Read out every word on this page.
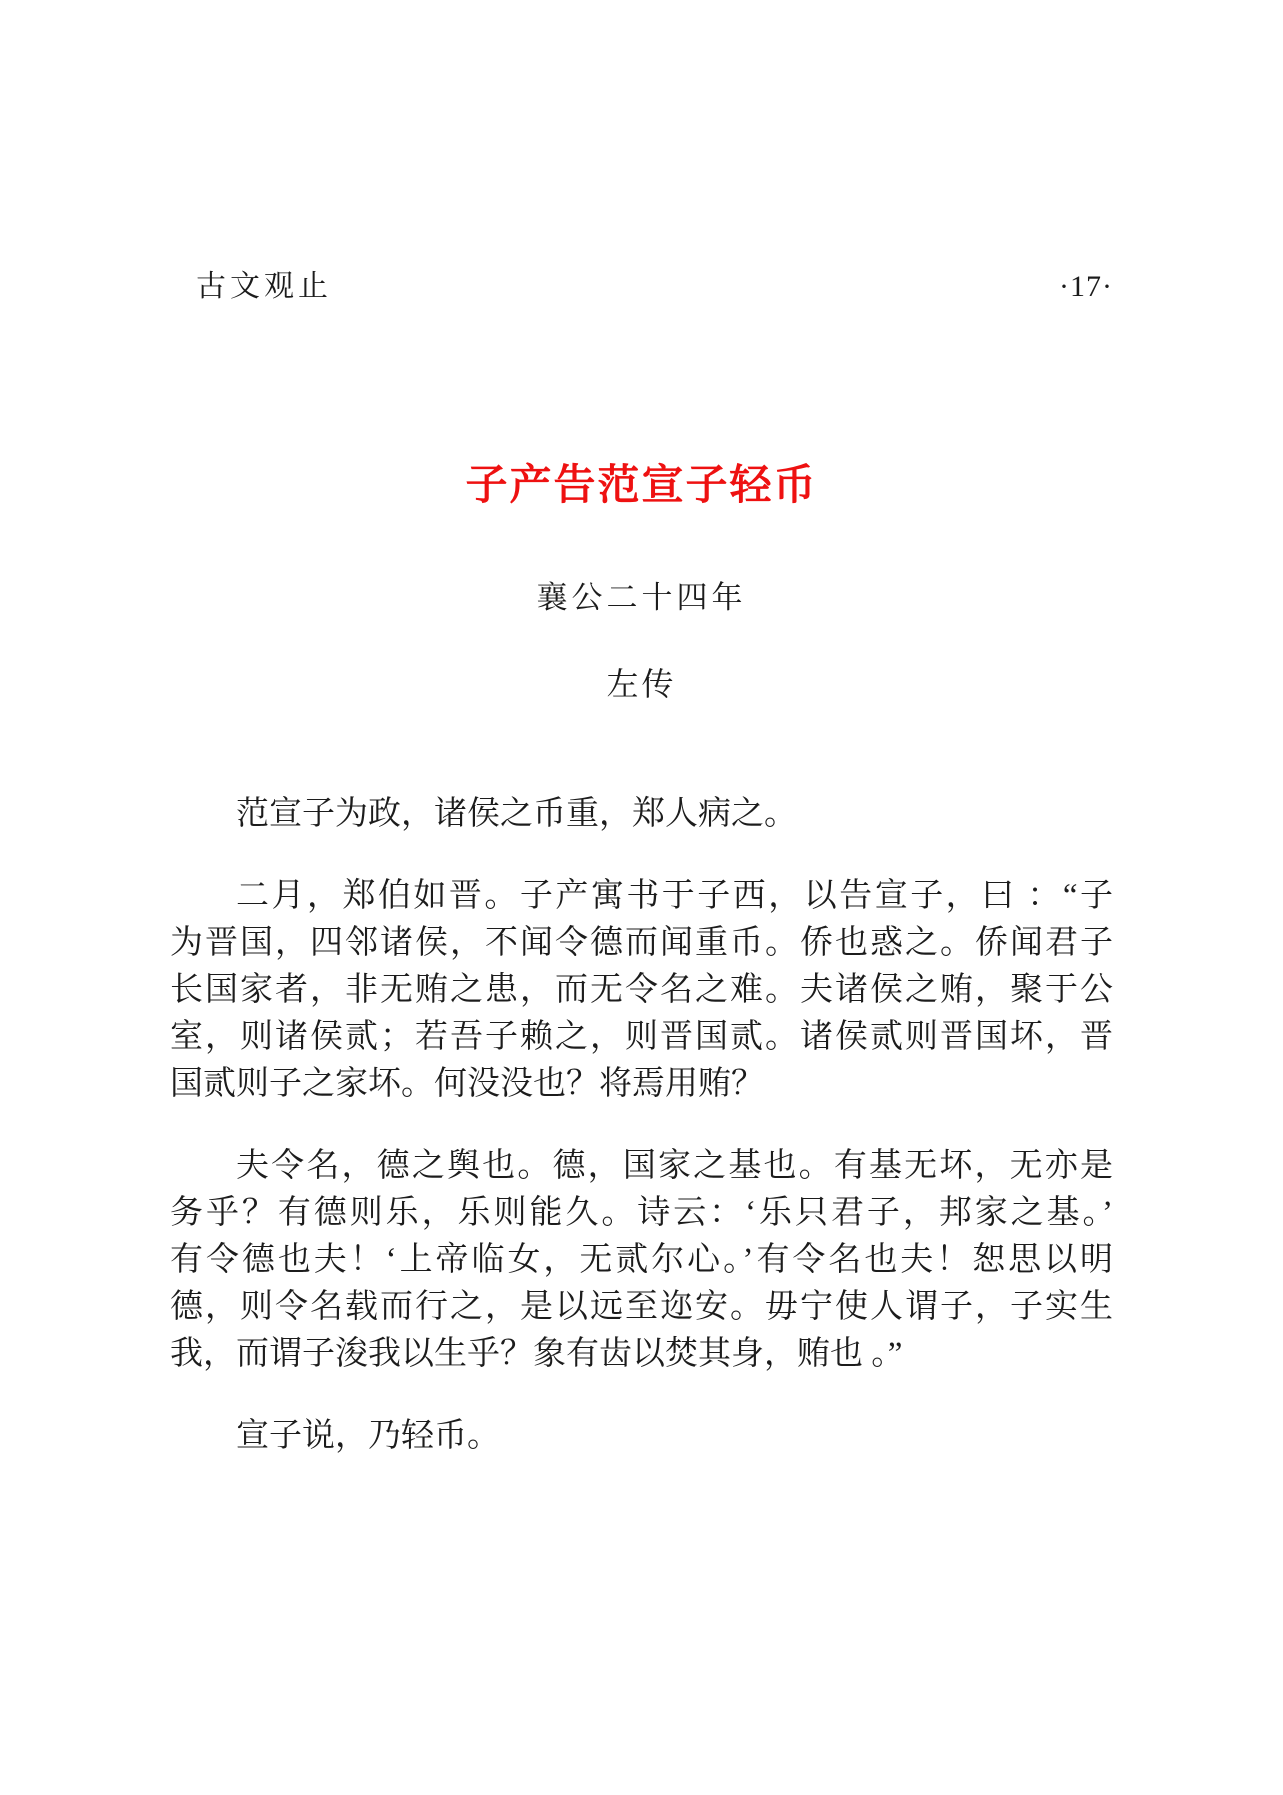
古文观止	·17·
子产告范宣子轻币
襄公二十四年
左传
范宣子为政，诸侯之币重，郑人病之。
二月，郑伯如晋。子产寓书于子西，以告宣子，曰 ：“子
为晋国，四邻诸侯，不闻令德而闻重币。侨也惑之。侨闻君子
长国家者，非无贿之患，而无令名之难。夫诸侯之贿，聚于公
室，则诸侯贰；若吾子赖之，则晋国贰。诸侯贰则晋国坏，晋
国贰则子之家坏。何没没也？将焉用贿？
夫令名，德之舆也。德，国家之基也。有基无坏，无亦是
务乎？有德则乐，乐则能久。诗云：‘乐只君子，邦家之基。’
有令德也夫！‘上帝临女，无贰尔心。’有令名也夫！恕思以明
德，则令名载而行之，是以远至迩安。毋宁使人谓子，子实生
我，而谓子浚我以生乎？象有齿以焚其身，贿也 。”
宣子说，乃轻币。
